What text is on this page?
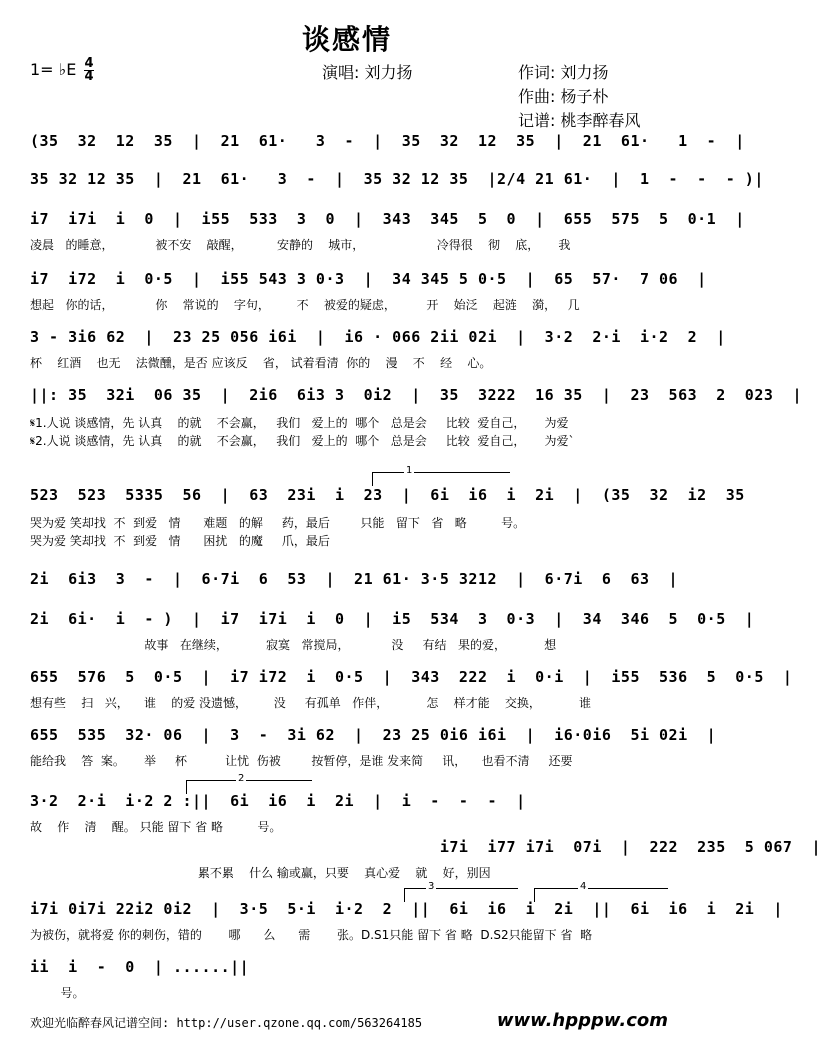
谈感情
1= ♭E 4
4	演唱: 刘力扬	作词: 刘力扬
作曲: 杨子朴
记谱: 桃李醉春风
(35  32  12  35  |  21  61·   3  -  |  35  32  12  35  |  21  61·   1  -  |
35 32 12 35  |  21  61·   3  -  |  35 32 12 35  |2/4 21 61·  |  1  -  -  - )|
i7  i7i  i  0  |  i55  533  3  0  |  343  345  5  0  |  655  575  5  0·1  |
凌晨   的睡意，           被不安    敲醒，         安静的    城市，                   冷得很    彻    底，     我
i7  i72  i  0·5  |  i55 543 3 0·3  |  34 345 5 0·5  |  65  57·  7 06  |
想起   你的话，           你    常说的    字句，       不    被爱的疑虑，        开    始泛    起涟    漪，   几
3 - 3i6 62  |  23 25 056 i6i  |  i6 · 066 2ii 02i  |  3·2  2·i  i·2  2  |
杯    红酒    也无    法微醺，是否 应该反    省， 试着看清  你的    漫    不    经    心。
||: 35  32i  06 35  |  2i6  6i3 3  0i2  |  35  3222  16 35  |  23  563  2  023  |
𝄋1.人说 谈感情，先 认真    的就    不会赢，   我们   爱上的  哪个   总是会     比较  爱自己，     为爱
𝄋2.人说 谈感情，先 认真    的就    不会赢，   我们   爱上的  哪个   总是会     比较  爱自己，     为爱`
1
523  523  5335  56  |  63  23i  i  23  |  6i  i6  i  2i  |  (35  32  i2  35
哭为爱 笑却找  不  到爱   情      难题   的解     药，最后        只能   留下   省   略         号。
哭为爱 笑却找  不  到爱   情      困扰   的魔     爪，最后
2i  6i3  3  -  |  6·7i  6  53  |  21 61· 3·5 3212  |  6·7i  6  63  |
2i  6i·  i  - )  |  i7  i7i  i  0  |  i5  534  3  0·3  |  34  346  5  0·5  |
故事   在继续，          寂寞   常搅局，           没     有结   果的爱，          想
655  576  5  0·5  |  i7 i72  i  0·5  |  343  222  i  0·i  |  i55  536  5  0·5  |
想有些    扫   兴，    谁    的爱 没遗憾，       没     有孤单   作伴，          怎    样才能    交换，          谁
655  535  32· 06  |  3  -  3i 62  |  23 25 0i6 i6i  |  i6·0i6  5i 02i  |
能给我    答  案。     举     杯          让忧  伤被        按暂停，是谁 发来简     讯，    也看不清     还要
2
3·2  2·i  i·2 2 :||  6i  i6  i  2i  |  i  -  -  -  |
故    作    清    醒。 只能 留下 省 略         号。
i7i  i77 i7i  07i  |  222  235  5 067  |
累不累    什么 输或赢，只要    真心爱    就    好，别因
3	4
i7i 0i7i 22i2 0i2  |  3·5  5·i  i·2  2  ||  6i  i6  i  2i  ||  6i  i6  i  2i  |
为被伤，就将爱 你的刺伤，错的       哪      么      需       张。D.S1只能 留下 省 略  D.S2只能留下 省  略
ii  i  -  0  | ......||
号。
欢迎光临醉春风记谱空间: http://user.qzone.qq.com/563264185	www.hpppw.com
